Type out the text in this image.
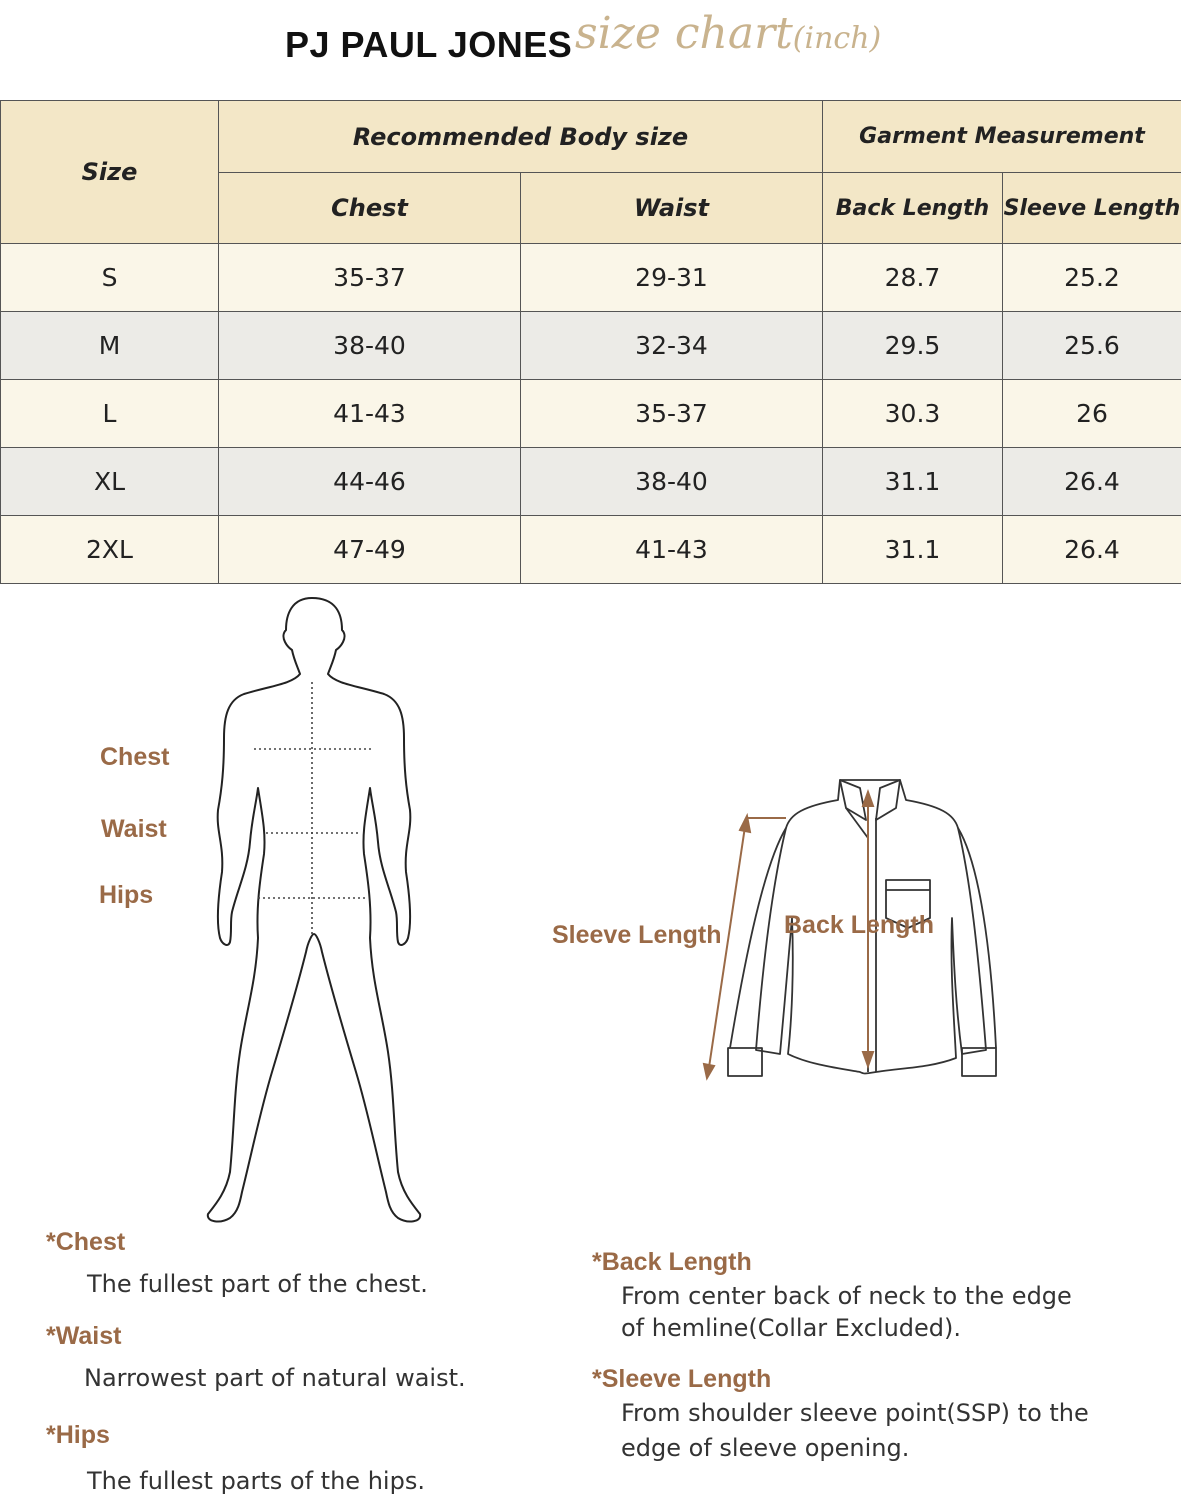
PJ PAUL JONES size chart(inch)
Size	Recommended Body size		Garment Measurement	
	Chest	Waist	Back Length	Sleeve Length
S	35-37	29-31	28.7	25.2
M	38-40	32-34	29.5	25.6
L	41-43	35-37	30.3	26
XL	44-46	38-40	31.1	26.4
2XL	47-49	41-43	31.1	26.4
Chest
Waist
Hips
Sleeve Length	Back Length
*Chest
The fullest part of the chest.
*Waist
Narrowest part of natural waist.
*Hips
The fullest parts of the hips.
*Back Length
From center back of neck to the edge
of hemline(Collar Excluded).
*Sleeve Length
From shoulder sleeve point(SSP) to the
edge of sleeve opening.
